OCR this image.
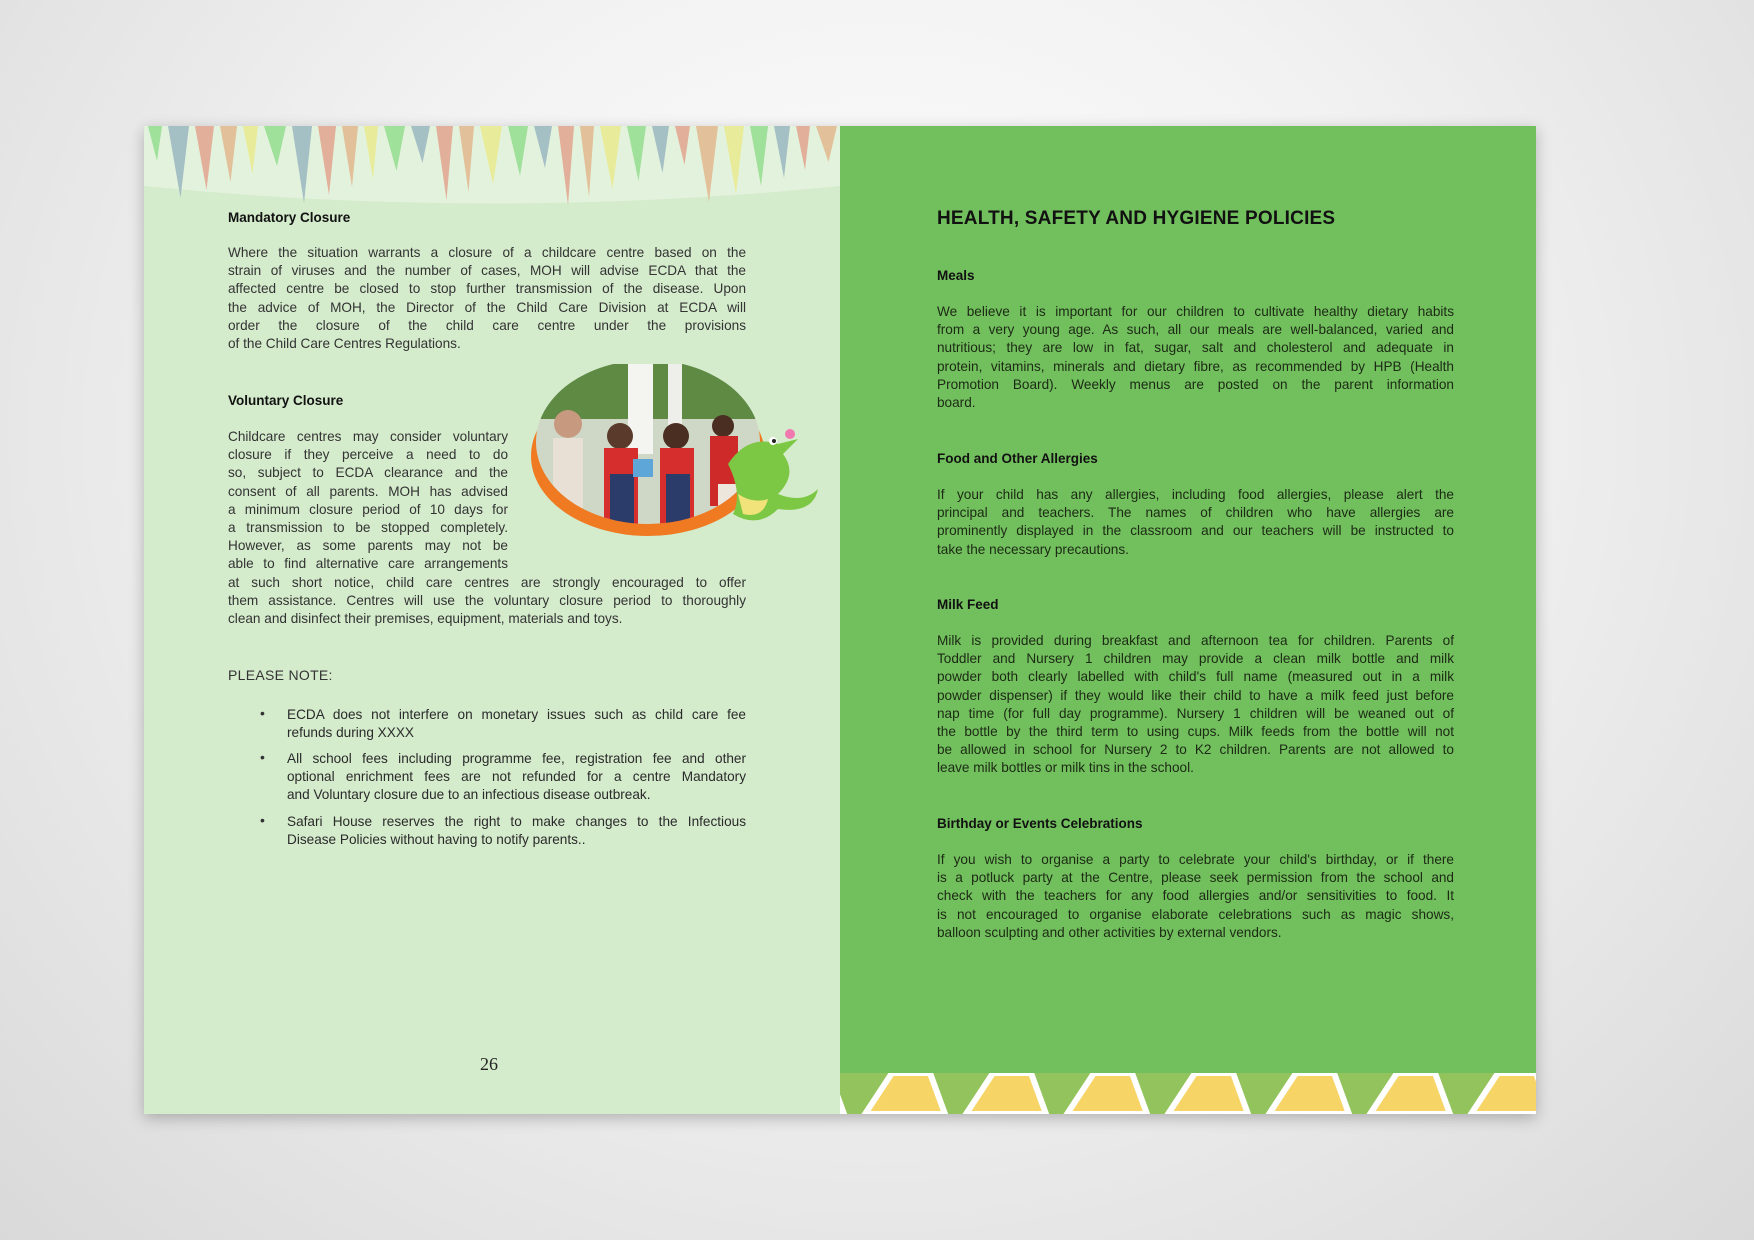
Mandatory Closure
Where the situation warrants a closure of a childcare centre based on the
strain of viruses and the number of cases, MOH will advise ECDA that the
affected centre be closed to stop further transmission of the disease. Upon
the advice of MOH, the Director of the Child Care Division at ECDA will
order the closure of the child care centre under the provisions
of the Child Care Centres Regulations.
Voluntary Closure
Childcare centres may consider voluntary
closure if they perceive a need to do
so, subject to ECDA clearance and the
consent of all parents. MOH has advised
a minimum closure period of 10 days for
a transmission to be stopped completely.
However, as some parents may not be
able to find alternative care arrangements
at such short notice, child care centres are strongly encouraged to offer
them assistance. Centres will use the voluntary closure period to thoroughly
clean and disinfect their premises, equipment, materials and toys.
PLEASE NOTE:
• ECDA does not interfere on monetary issues such as child care fee
refunds during XXXX
• All school fees including programme fee, registration fee and other
optional enrichment fees are not refunded for a centre Mandatory
and Voluntary closure due to an infectious disease outbreak.
• Safari House reserves the right to make changes to the Infectious
Disease Policies without having to notify parents..
26
HEALTH, SAFETY AND HYGIENE POLICIES
Meals
We believe it is important for our children to cultivate healthy dietary habits
from a very young age. As such, all our meals are well-balanced, varied and
nutritious; they are low in fat, sugar, salt and cholesterol and adequate in
protein, vitamins, minerals and dietary fibre, as recommended by HPB (Health
Promotion Board). Weekly menus are posted on the parent information
board.
Food and Other Allergies
If your child has any allergies, including food allergies, please alert the
principal and teachers. The names of children who have allergies are
prominently displayed in the classroom and our teachers will be instructed to
take the necessary precautions.
Milk Feed
Milk is provided during breakfast and afternoon tea for children. Parents of
Toddler and Nursery 1 children may provide a clean milk bottle and milk
powder both clearly labelled with child's full name (measured out in a milk
powder dispenser) if they would like their child to have a milk feed just before
nap time (for full day programme). Nursery 1 children will be weaned out of
the bottle by the third term to using cups. Milk feeds from the bottle will not
be allowed in school for Nursery 2 to K2 children. Parents are not allowed to
leave milk bottles or milk tins in the school.
Birthday or Events Celebrations
If you wish to organise a party to celebrate your child's birthday, or if there
is a potluck party at the Centre, please seek permission from the school and
check with the teachers for any food allergies and/or sensitivities to food. It
is not encouraged to organise elaborate celebrations such as magic shows,
balloon sculpting and other activities by external vendors.
